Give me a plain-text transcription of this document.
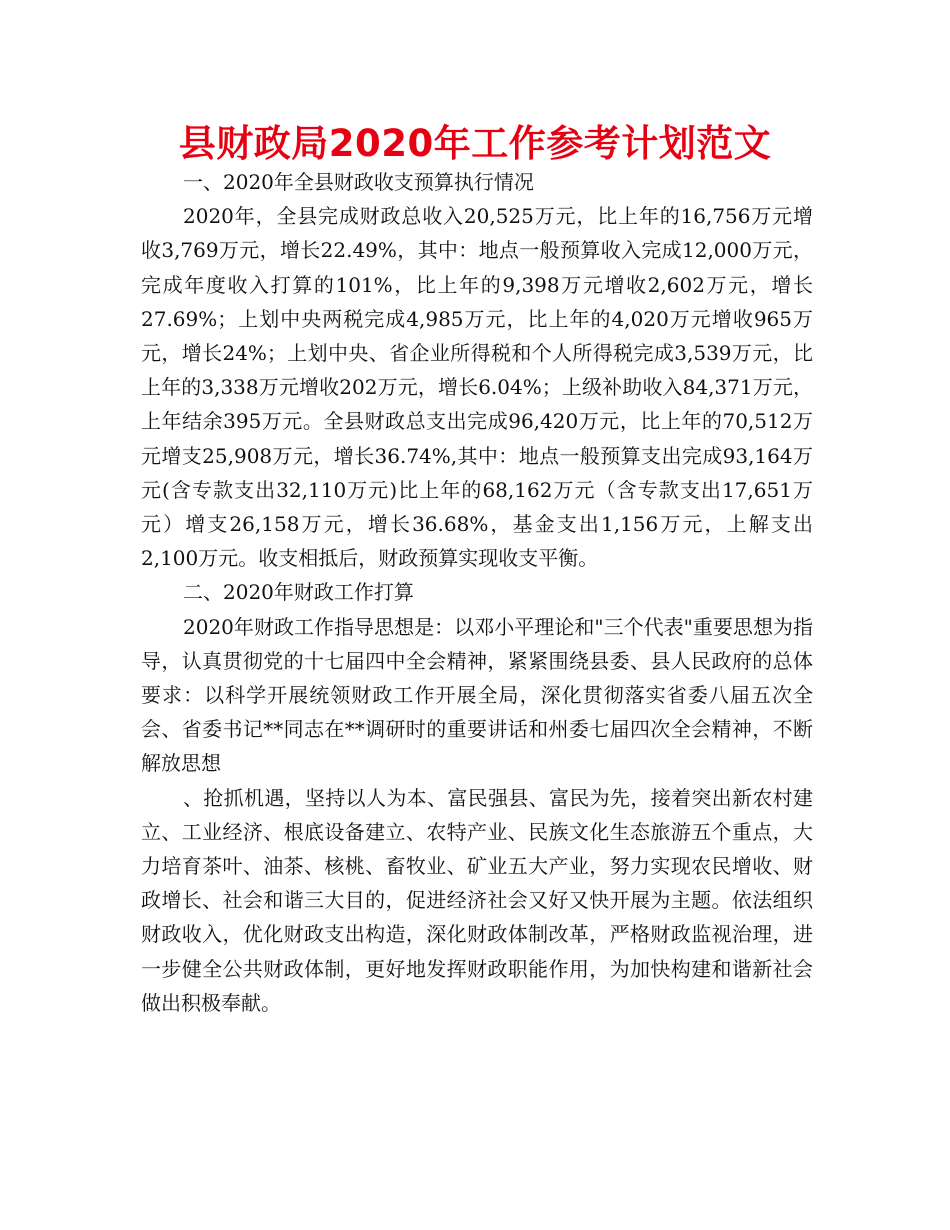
县财政局2020年工作参考计划范文

一、2020年全县财政收支预算执行情况

2020年，全县完成财政总收入20,525万元，比上年的16,756万元增收3,769万元，增长22.49%，其中：地点一般预算收入完成12,000万元，完成年度收入打算的101%，比上年的9,398万元增收2,602万元，增长27.69%；上划中央两税完成4,985万元，比上年的4,020万元增收965万元，增长24%；上划中央、省企业所得税和个人所得税完成3,539万元，比上年的3,338万元增收202万元，增长6.04%；上级补助收入84,371万元，上年结余395万元。全县财政总支出完成96,420万元，比上年的70,512万元增支25,908万元，增长36.74%,其中：地点一般预算支出完成93,164万元(含专款支出32,110万元)比上年的68,162万元（含专款支出17,651万元）增支26,158万元，增长36.68%，基金支出1,156万元，上解支出2,100万元。收支相抵后，财政预算实现收支平衡。

二、2020年财政工作打算

2020年财政工作指导思想是：以邓小平理论和"三个代表"重要思想为指导，认真贯彻党的十七届四中全会精神，紧紧围绕县委、县人民政府的总体要求：以科学开展统领财政工作开展全局，深化贯彻落实省委八届五次全会、省委书记**同志在**调研时的重要讲话和州委七届四次全会精神，不断解放思想

、抢抓机遇，坚持以人为本、富民强县、富民为先，接着突出新农村建立、工业经济、根底设备建立、农特产业、民族文化生态旅游五个重点，大力培育茶叶、油茶、核桃、畜牧业、矿业五大产业，努力实现农民增收、财政增长、社会和谐三大目的，促进经济社会又好又快开展为主题。依法组织财政收入，优化财政支出构造，深化财政体制改革，严格财政监视治理，进一步健全公共财政体制，更好地发挥财政职能作用，为加快构建和谐新社会做出积极奉献。
